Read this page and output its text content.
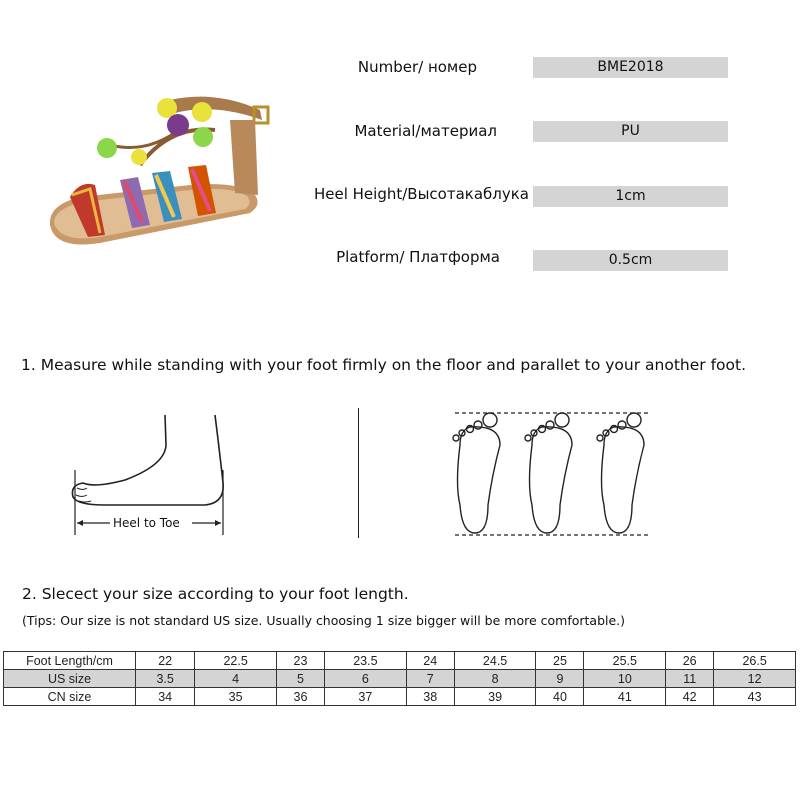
Number/ номер	BME2018
Material/материал	PU
Heel Height/Высотакаблука	1cm
Platform/ Платформа	0.5cm
1. Measure while standing with your foot firmly on the floor and parallet to your another foot.
Heel to Toe
2. Slecect your size according to your foot length.
(Tips: Our size is not standard US size. Usually choosing 1 size bigger will be more comfortable.)
Foot Length/cm	22	22.5	23	23.5	24	24.5	25	25.5	26	26.5
US size	3.5	4	5	6	7	8	9	10	11	12
CN size	34	35	36	37	38	39	40	41	42	43
